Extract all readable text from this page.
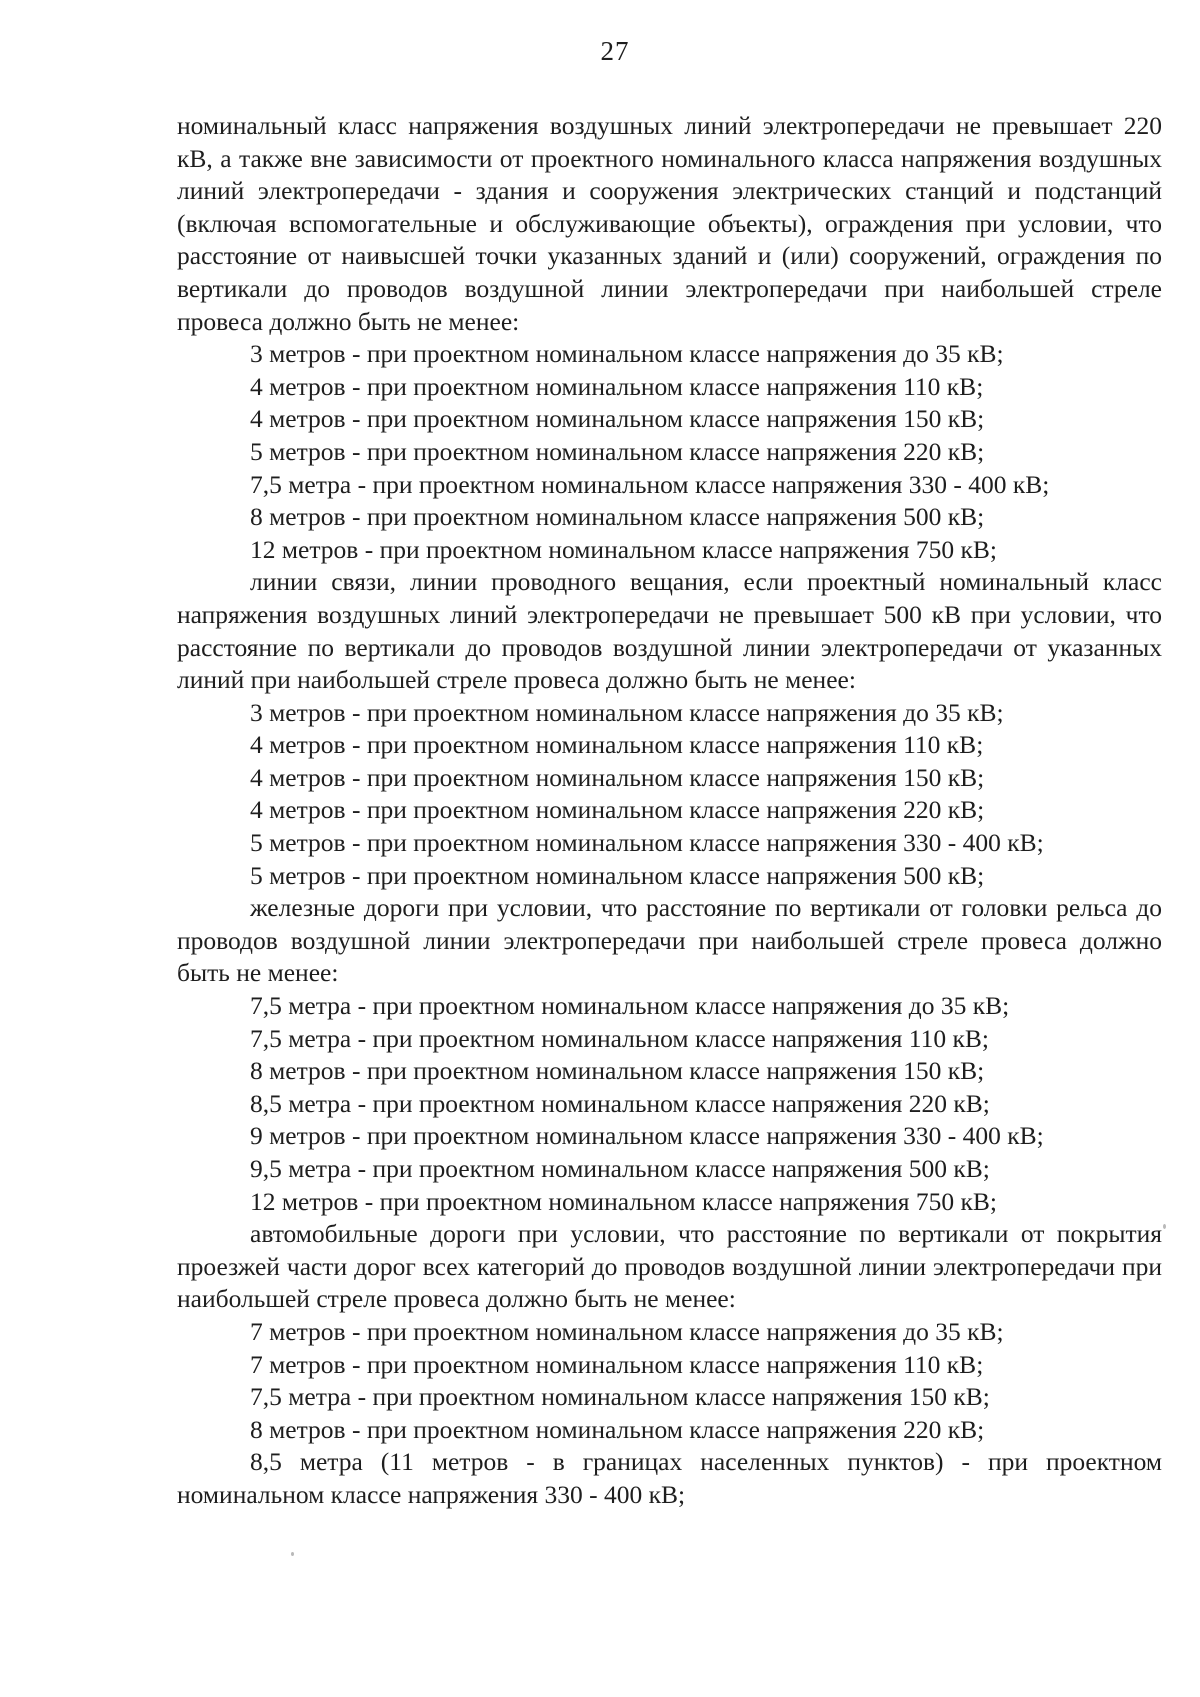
27

номинальный класс напряжения воздушных линий электропередачи не превышает 220 кВ, а также вне зависимости от проектного номинального класса напряжения воздушных линий электропередачи - здания и сооружения электрических станций и подстанций (включая вспомогательные и обслуживающие объекты), ограждения при условии, что расстояние от наивысшей точки указанных зданий и (или) сооружений, ограждения по вертикали до проводов воздушной линии электропередачи при наибольшей стреле провеса должно быть не менее:

3 метров - при проектном номинальном классе напряжения до 35 кВ;
4 метров - при проектном номинальном классе напряжения 110 кВ;
4 метров - при проектном номинальном классе напряжения 150 кВ;
5 метров - при проектном номинальном классе напряжения 220 кВ;
7,5 метра - при проектном номинальном классе напряжения 330 - 400 кВ;
8 метров - при проектном номинальном классе напряжения 500 кВ;
12 метров - при проектном номинальном классе напряжения 750 кВ;

линии связи, линии проводного вещания, если проектный номинальный класс напряжения воздушных линий электропередачи не превышает 500 кВ при условии, что расстояние по вертикали до проводов воздушной линии электропередачи от указанных линий при наибольшей стреле провеса должно быть не менее:

3 метров - при проектном номинальном классе напряжения до 35 кВ;
4 метров - при проектном номинальном классе напряжения 110 кВ;
4 метров - при проектном номинальном классе напряжения 150 кВ;
4 метров - при проектном номинальном классе напряжения 220 кВ;
5 метров - при проектном номинальном классе напряжения 330 - 400 кВ;
5 метров - при проектном номинальном классе напряжения 500 кВ;

железные дороги при условии, что расстояние по вертикали от головки рельса до проводов воздушной линии электропередачи при наибольшей стреле провеса должно быть не менее:

7,5 метра - при проектном номинальном классе напряжения до 35 кВ;
7,5 метра - при проектном номинальном классе напряжения 110 кВ;
8 метров - при проектном номинальном классе напряжения 150 кВ;
8,5 метра - при проектном номинальном классе напряжения 220 кВ;
9 метров - при проектном номинальном классе напряжения 330 - 400 кВ;
9,5 метра - при проектном номинальном классе напряжения 500 кВ;
12 метров - при проектном номинальном классе напряжения 750 кВ;

автомобильные дороги при условии, что расстояние по вертикали от покрытия проезжей части дорог всех категорий до проводов воздушной линии электропередачи при наибольшей стреле провеса должно быть не менее:

7 метров - при проектном номинальном классе напряжения до 35 кВ;
7 метров - при проектном номинальном классе напряжения 110 кВ;
7,5 метра - при проектном номинальном классе напряжения 150 кВ;
8 метров - при проектном номинальном классе напряжения 220 кВ;

8,5 метра (11 метров - в границах населенных пунктов) - при проектном номинальном классе напряжения 330 - 400 кВ;
